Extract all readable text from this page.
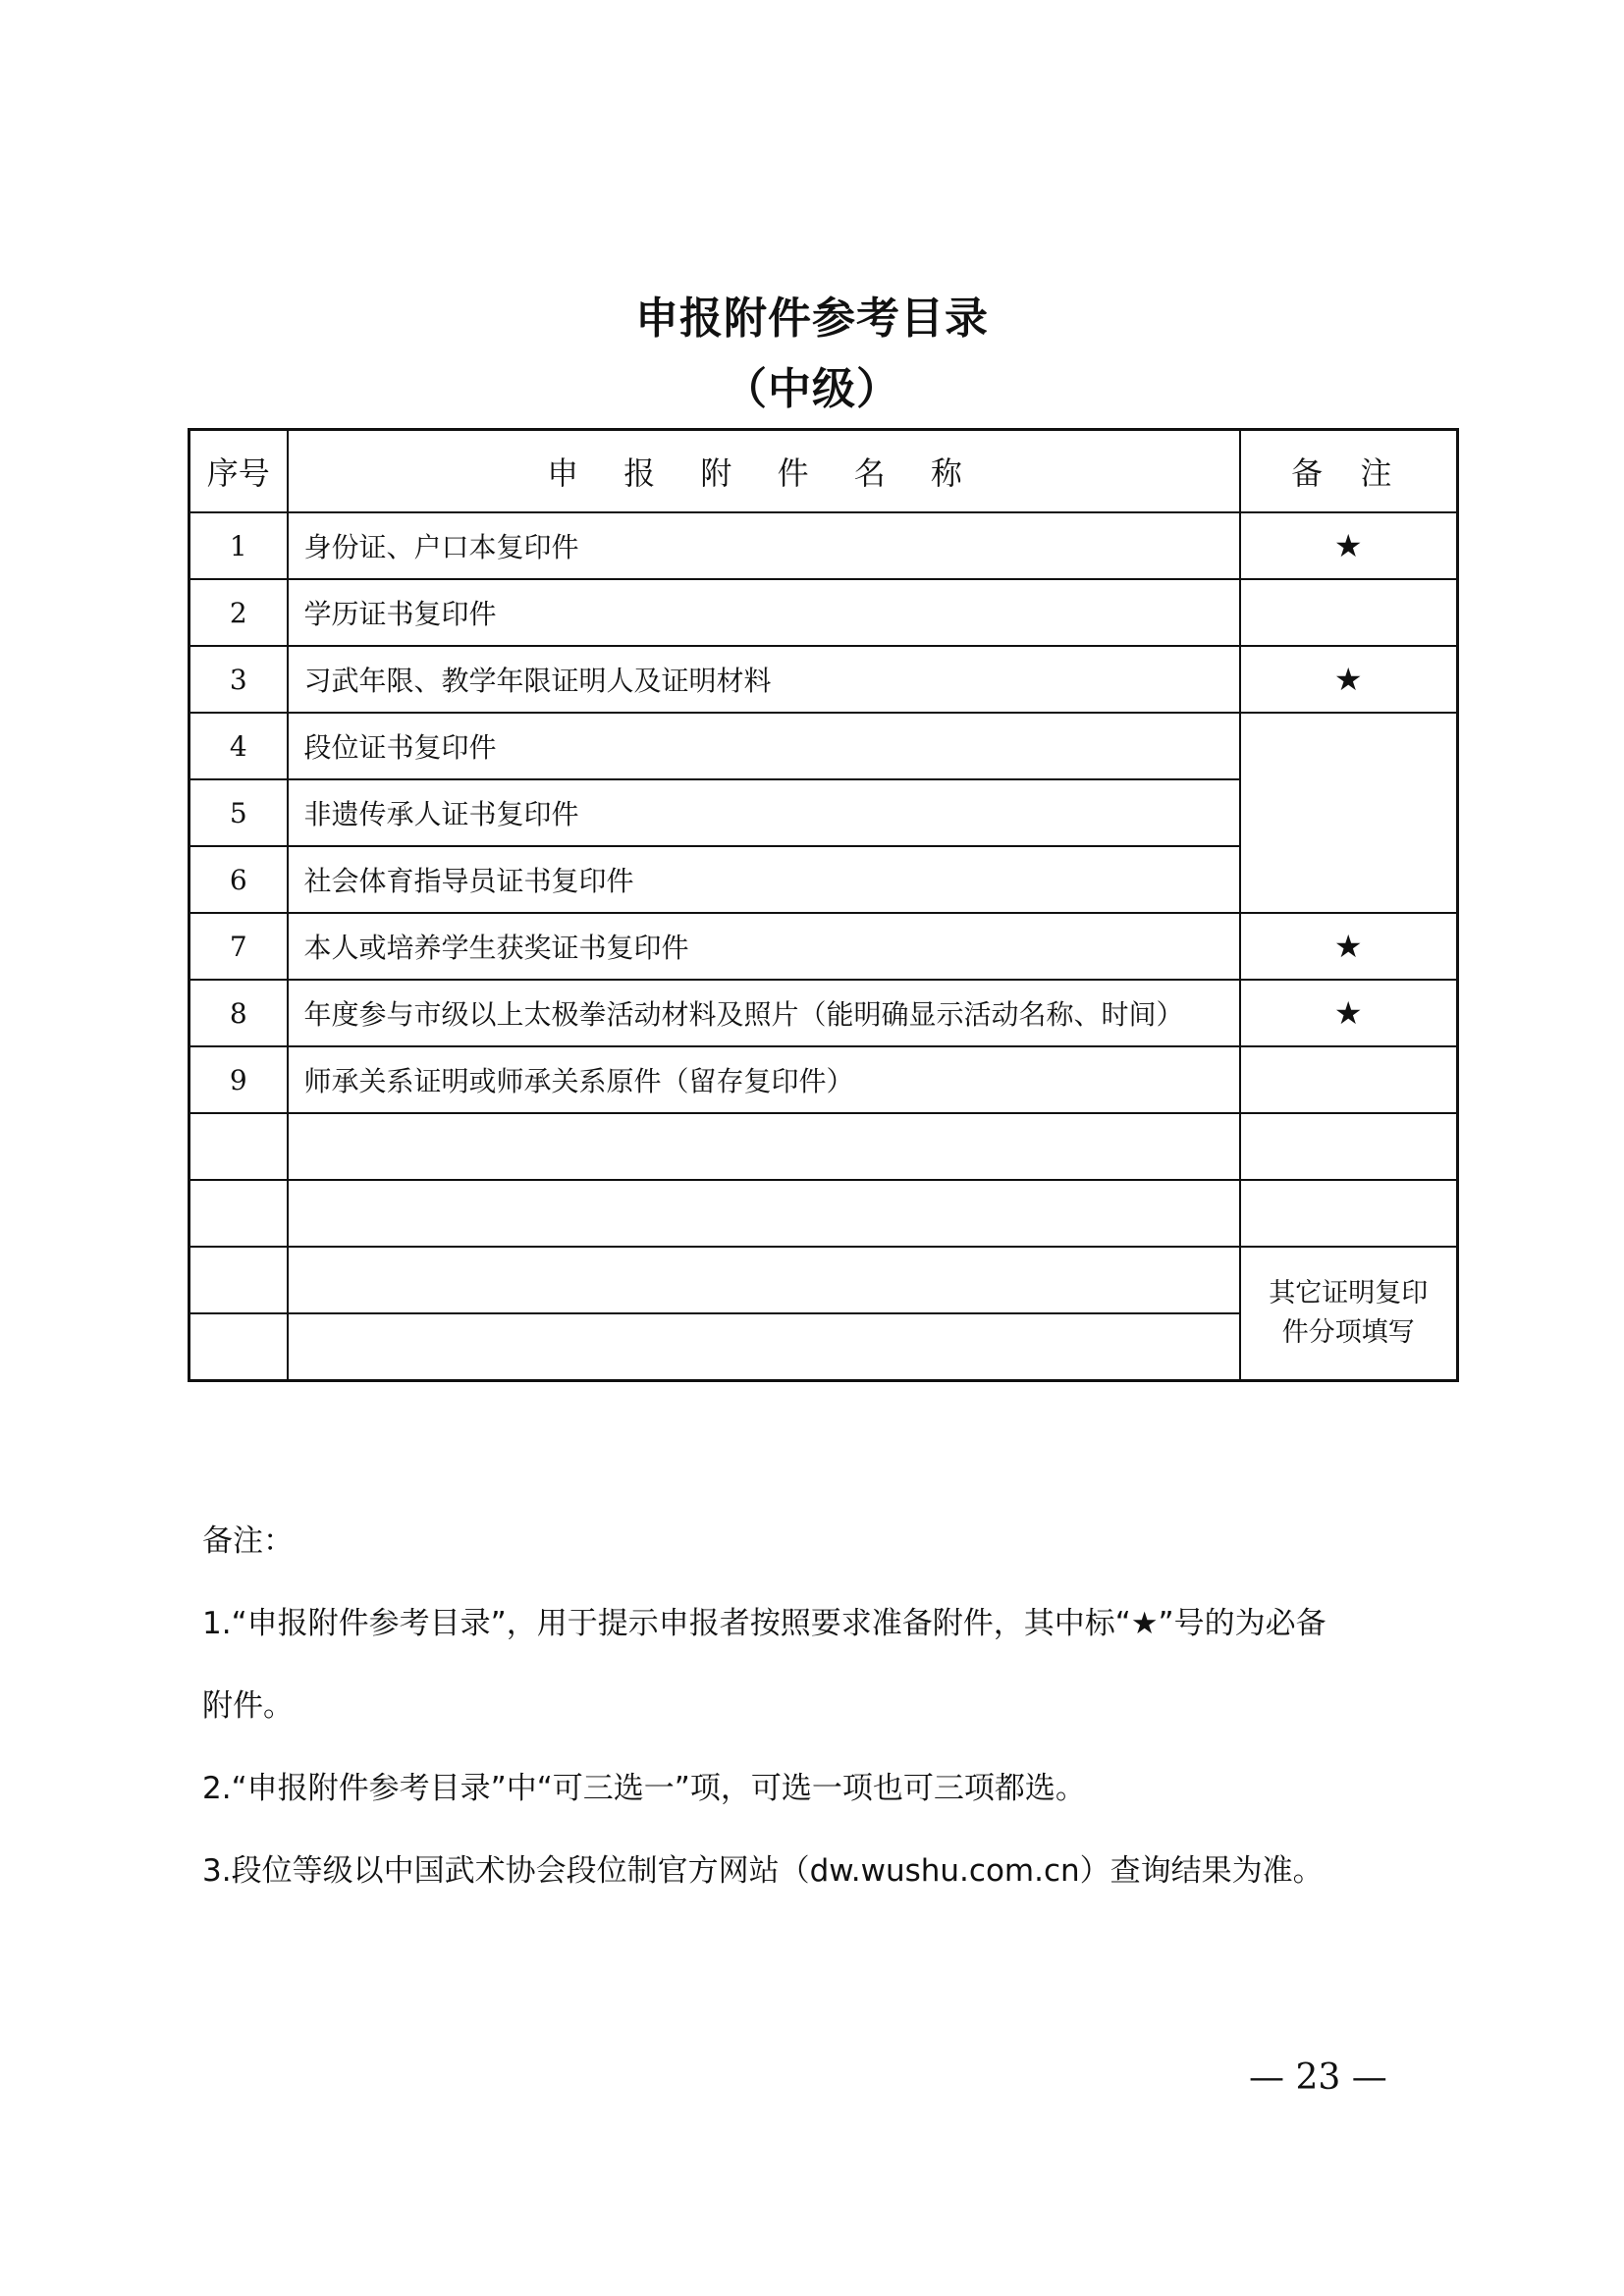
申报附件参考目录
（中级）
序号	申 报 附 件 名 称	备 注
1	身份证、户口本复印件	★
2	学历证书复印件	
3	习武年限、教学年限证明人及证明材料	★
4	段位证书复印件	
5	非遗传承人证书复印件	
6	社会体育指导员证书复印件	
7	本人或培养学生获奖证书复印件	★
8	年度参与市级以上太极拳活动材料及照片（能明确显示活动名称、时间）	★
9	师承关系证明或师承关系原件（留存复印件）	

		其它证明复印
件分项填写

备注：

1.“申报附件参考目录”，用于提示申报者按照要求准备附件，其中标“★”号的为必备

附件。

2.“申报附件参考目录”中“可三选一”项，可选一项也可三项都选。

3.段位等级以中国武术协会段位制官方网站（dw.wushu.com.cn）查询结果为准。

— 23 —
